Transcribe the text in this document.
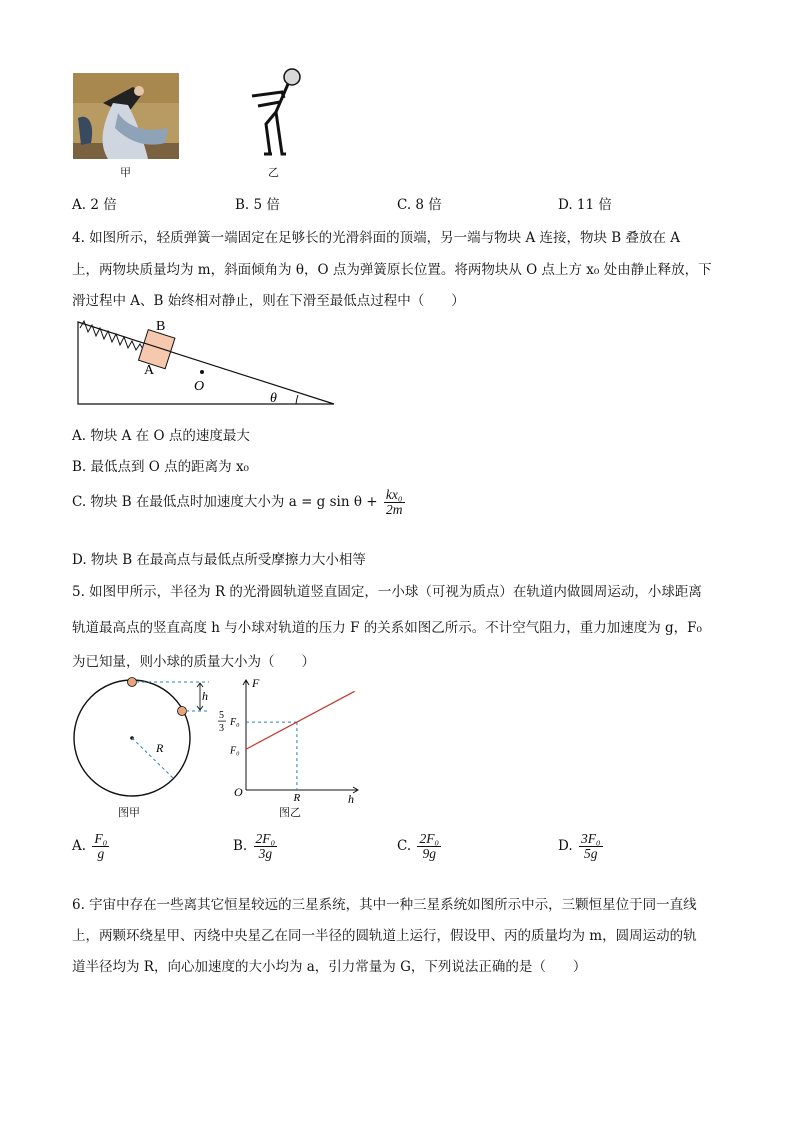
甲	乙
A. 2 倍	B. 5 倍	C. 8 倍	D. 11 倍
4. 如图所示，轻质弹簧一端固定在足够长的光滑斜面的顶端，另一端与物块 A 连接，物块 B 叠放在 A
上，两物块质量均为 m，斜面倾角为 θ，O 点为弹簧原长位置。将两物块从 O 点上方 x₀ 处由静止释放，下
滑过程中 A、B 始终相对静止，则在下滑至最低点过程中（　　）
B
A
O
θ
A. 物块 A 在 O 点的速度最大
B. 最低点到 O 点的距离为 x₀
C. 物块 B 在最低点时加速度大小为 a = g $\sin \theta + \frac{\text{kx₀}}{2m}$
D. 物块 B 在最高点与最低点所受摩擦力大小相等
5. 如图甲所示，半径为 R 的光滑圆轨道竖直固定，一小球（可视为质点）在轨道内做圆周运动，小球距离
轨道最高点的竖直高度 h 与小球对轨道的压力 F 的关系如图乙所示。不计空气阻力，重力加速度为 g，F₀
为已知量，则小球的质量大小为（　　）
h
R
图甲
F
h
O	R
F₀
5
3
F₀
图乙
A. $\frac{\text{F₀}}{g}$	B. $\frac{\text{2F₀}}{3g}$	C. $\frac{\text{2F₀}}{9g}$	D. $\frac{\text{3F₀}}{5g}$
6. 宇宙中存在一些离其它恒星较远的三星系统，其中一种三星系统如图所示中示，三颗恒星位于同一直线
上，两颗环绕星甲、丙绕中央星乙在同一半径的圆轨道上运行，假设甲、丙的质量均为 m，圆周运动的轨
道半径均为 R，向心加速度的大小均为 a，引力常量为 G，下列说法正确的是（　　）
